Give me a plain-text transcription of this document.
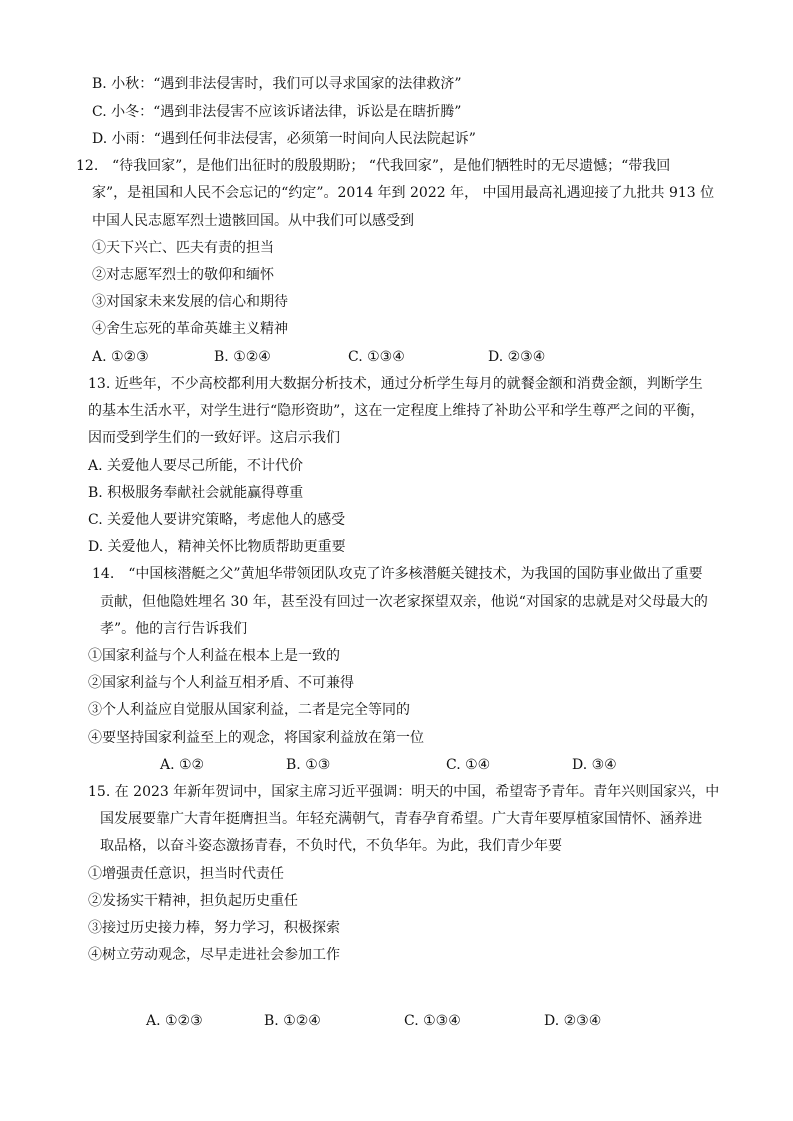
B. 小秋：“遇到非法侵害时，我们可以寻求国家的法律救济”
C. 小冬：“遇到非法侵害不应该诉诸法律，诉讼是在瞎折腾”
D. 小雨：“遇到任何非法侵害，必须第一时间向人民法院起诉”
12. “待我回家”，是他们出征时的殷殷期盼； “代我回家”，是他们牺牲时的无尽遗憾；“带我回
家”，是祖国和人民不会忘记的“约定”。2014 年到 2022 年， 中国用最高礼遇迎接了九批共 913 位
中国人民志愿军烈士遗骸回国。从中我们可以感受到
①天下兴亡、匹夫有责的担当
②对志愿军烈士的敬仰和缅怀
③对国家未来发展的信心和期待
④舍生忘死的革命英雄主义精神
A. ①②③	B. ①②④	C. ①③④	D. ②③④
13. 近些年，不少高校都利用大数据分析技术，通过分析学生每月的就餐金额和消费金额，判断学生
的基本生活水平，对学生进行“隐形资助”，这在一定程度上维持了补助公平和学生尊严之间的平衡，
因而受到学生们的一致好评。这启示我们
A. 关爱他人要尽己所能，不计代价
B. 积极服务奉献社会就能赢得尊重
C. 关爱他人要讲究策略，考虑他人的感受
D. 关爱他人，精神关怀比物质帮助更重要
14.　“中国核潜艇之父”黄旭华带领团队攻克了许多核潜艇关键技术，为我国的国防事业做出了重要
贡献，但他隐姓埋名 30 年，甚至没有回过一次老家探望双亲，他说“对国家的忠就是对父母最大的
孝”。他的言行告诉我们
①国家利益与个人利益在根本上是一致的
②国家利益与个人利益互相矛盾、不可兼得
③个人利益应自觉服从国家利益，二者是完全等同的
④要坚持国家利益至上的观念，将国家利益放在第一位
A. ①②	B. ①③	C. ①④	D. ③④
15. 在 2023 年新年贺词中，国家主席习近平强调：明天的中国，希望寄予青年。青年兴则国家兴，中
国发展要靠广大青年挺膺担当。年轻充满朝气，青春孕育希望。广大青年要厚植家国情怀、涵养进
取品格，以奋斗姿态激扬青春，不负时代，不负华年。为此，我们青少年要
①增强责任意识，担当时代责任
②发扬实干精神，担负起历史重任
③接过历史接力棒，努力学习，积极探索
④树立劳动观念，尽早走进社会参加工作
A. ①②③	B. ①②④	C. ①③④	D. ②③④
